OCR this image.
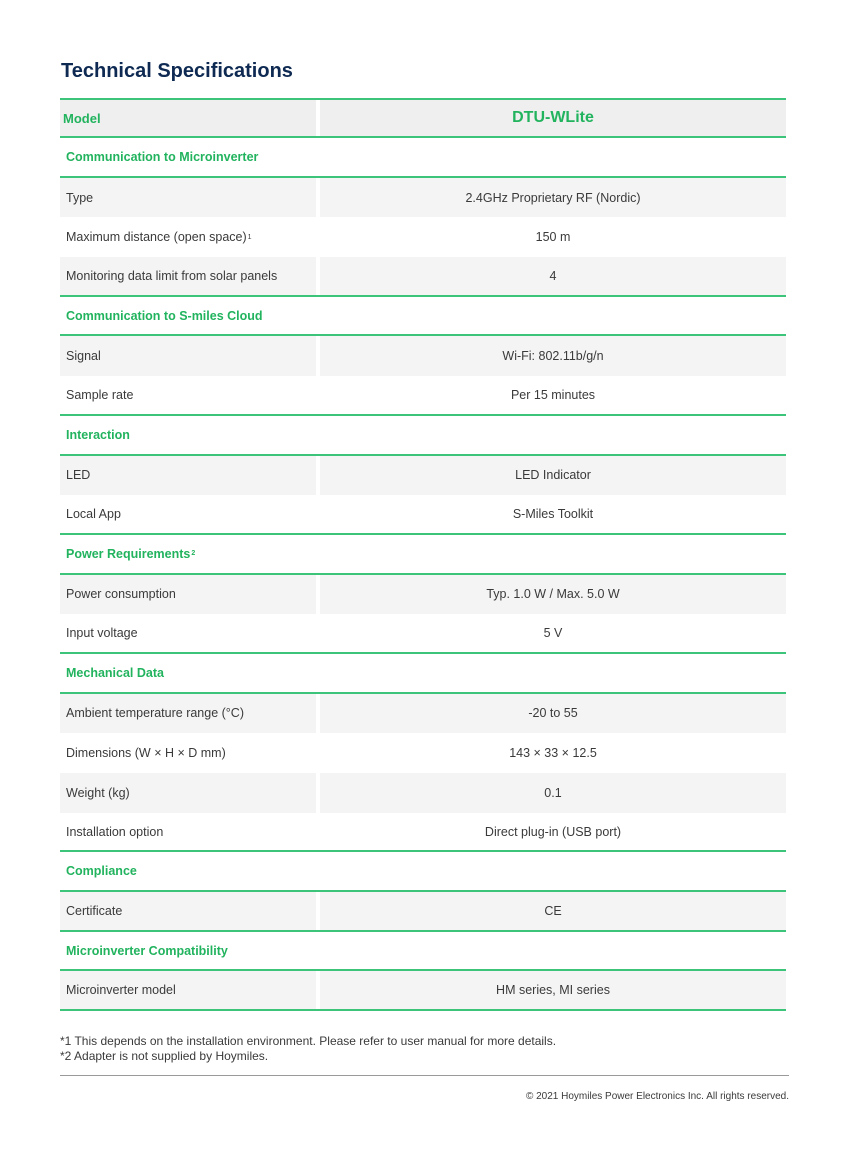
Technical Specifications
Model	DTU-WLite
Communication to Microinverter
Type	2.4GHz Proprietary RF (Nordic)
Maximum distance (open space) 1	150 m
Monitoring data limit from solar panels	4
Communication to S-miles Cloud
Signal	Wi-Fi: 802.11b/g/n
Sample rate	Per 15 minutes
Interaction
LED	LED Indicator
Local App	S-Miles Toolkit
Power Requirements 2
Power consumption	Typ. 1.0 W / Max. 5.0 W
Input voltage	5 V
Mechanical Data
Ambient temperature range (°C)	-20 to 55
Dimensions (W × H × D mm)	143 × 33 × 12.5
Weight (kg)	0.1
Installation option	Direct plug-in (USB port)
Compliance
Certificate	CE
Microinverter Compatibility
Microinverter model	HM series, MI series
*1 This depends on the installation environment. Please refer to user manual for more details.
*2 Adapter is not supplied by Hoymiles.
© 2021 Hoymiles Power Electronics Inc. All rights reserved.
